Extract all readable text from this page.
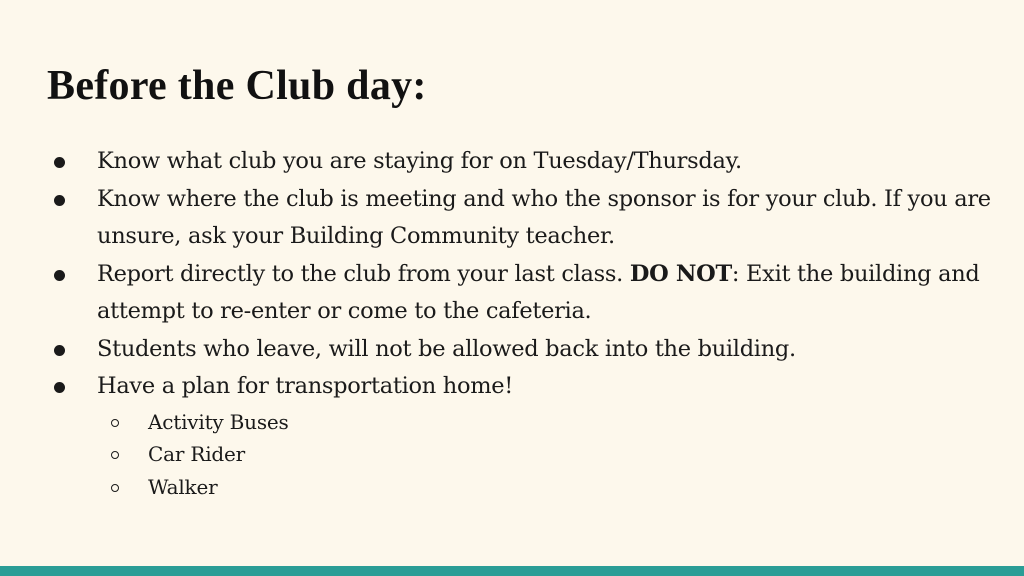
Before the Club day:
Know what club you are staying for on Tuesday/Thursday.
Know where the club is meeting and who the sponsor is for your club. If you are unsure, ask your Building Community teacher.
Report directly to the club from your last class. DO NOT: Exit the building and attempt to re-enter or come to the cafeteria.
Students who leave, will not be allowed back into the building.
Have a plan for transportation home!
Activity Buses
Car Rider
Walker
